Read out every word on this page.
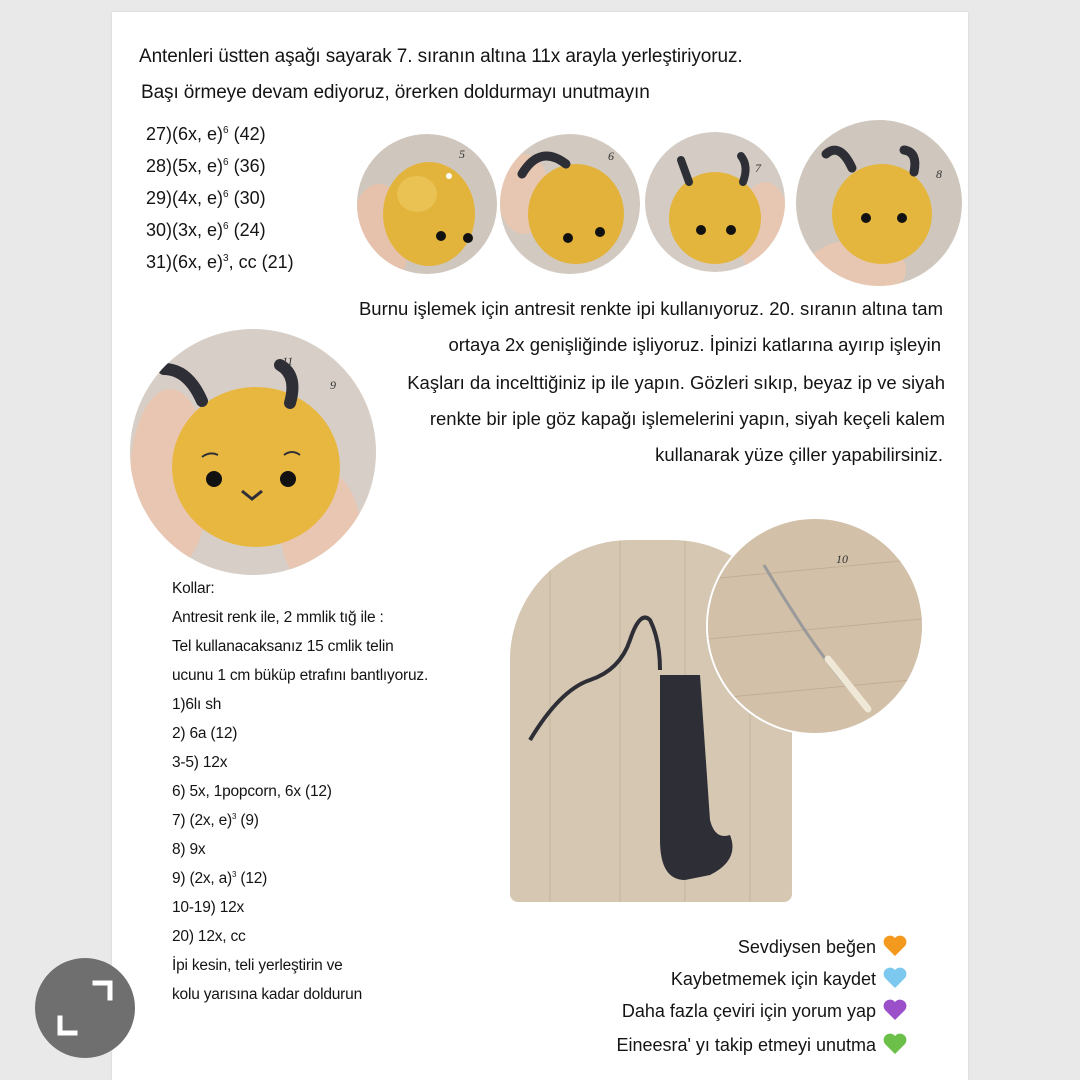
Antenleri üstten aşağı sayarak 7. sıranın altına 11x arayla yerleştiriyoruz.
Başı örmeye devam ediyoruz, örerken doldurmayı unutmayın
27)(6x, e)$^6$ (42)
28)(5x, e)$^6$ (36)
29)(4x, e)$^6$ (30)
30)(3x, e)$^6$ (24)
31)(6x, e)$^3$, cc (21)
5	6
7	8
Burnu işlemek için antresit renkte ipi kullanıyoruz. 20. sıranın altına tam
ortaya 2x genişliğinde işliyoruz. İpinizi katlarına ayırıp işleyin
Kaşları da incelttiğiniz ip ile yapın. Gözleri sıkıp, beyaz ip ve siyah
renkte bir iple göz kapağı işlemelerini yapın, siyah keçeli kalem
kullanarak yüze çiller yapabilirsiniz.
11
9
Kollar:
Antresit renk ile, 2 mmlik tığ ile :
Tel kullanacaksanız 15 cmlik telin
ucunu 1 cm büküp etrafını bantlıyoruz.
1)6lı sh
2) 6a (12)
3-5) 12x
6) 5x, 1popcorn, 6x (12)
7) (2x, e)$^3$ (9)
8) 9x
9) (2x, a)$^3$ (12)
10-19) 12x
20) 12x, cc
İpi kesin, teli yerleştirin ve
kolu yarısına kadar doldurun
10
Sevdiysen beğen
Kaybetmemek için kaydet
Daha fazla çeviri için yorum yap
Eineesra' yı takip etmeyi unutma
